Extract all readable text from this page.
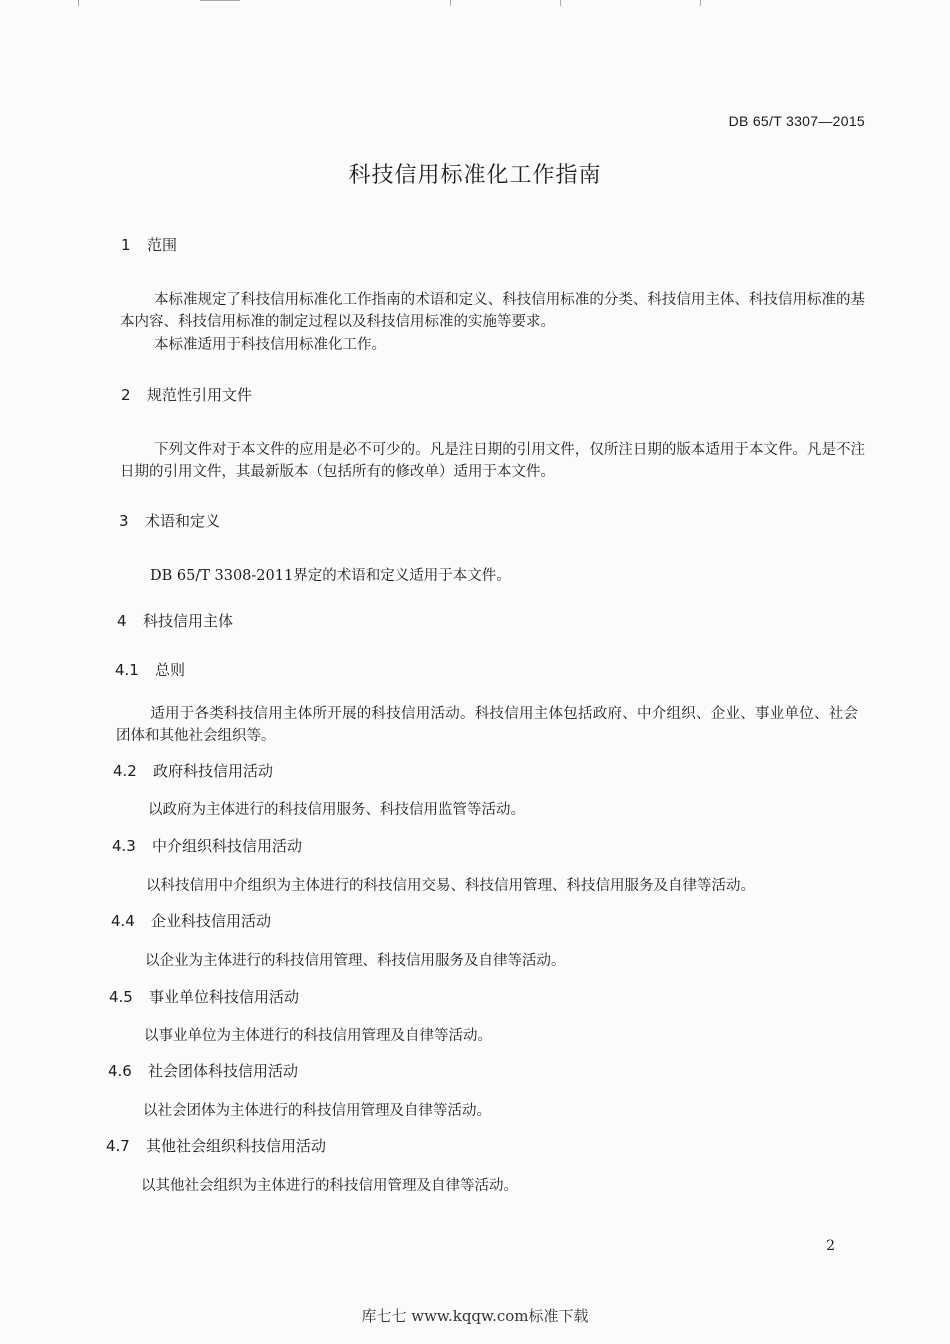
DB 65/T 3307—2015
科技信用标准化工作指南
1 范围
本标准规定了科技信用标准化工作指南的术语和定义、科技信用标准的分类、科技信用主体、科技信用标准的基本内容、科技信用标准的制定过程以及科技信用标准的实施等要求。
本标准适用于科技信用标准化工作。
2 规范性引用文件
下列文件对于本文件的应用是必不可少的。凡是注日期的引用文件，仅所注日期的版本适用于本文件。凡是不注日期的引用文件，其最新版本（包括所有的修改单）适用于本文件。
3 术语和定义
DB 65/T 3308-2011界定的术语和定义适用于本文件。
4 科技信用主体
4.1 总则
适用于各类科技信用主体所开展的科技信用活动。科技信用主体包括政府、中介组织、企业、事业单位、社会团体和其他社会组织等。
4.2 政府科技信用活动
以政府为主体进行的科技信用服务、科技信用监管等活动。
4.3 中介组织科技信用活动
以科技信用中介组织为主体进行的科技信用交易、科技信用管理、科技信用服务及自律等活动。
4.4 企业科技信用活动
以企业为主体进行的科技信用管理、科技信用服务及自律等活动。
4.5 事业单位科技信用活动
以事业单位为主体进行的科技信用管理及自律等活动。
4.6 社会团体科技信用活动
以社会团体为主体进行的科技信用管理及自律等活动。
4.7 其他社会组织科技信用活动
以其他社会组织为主体进行的科技信用管理及自律等活动。
2
库七七 www.kqqw.com标准下载
